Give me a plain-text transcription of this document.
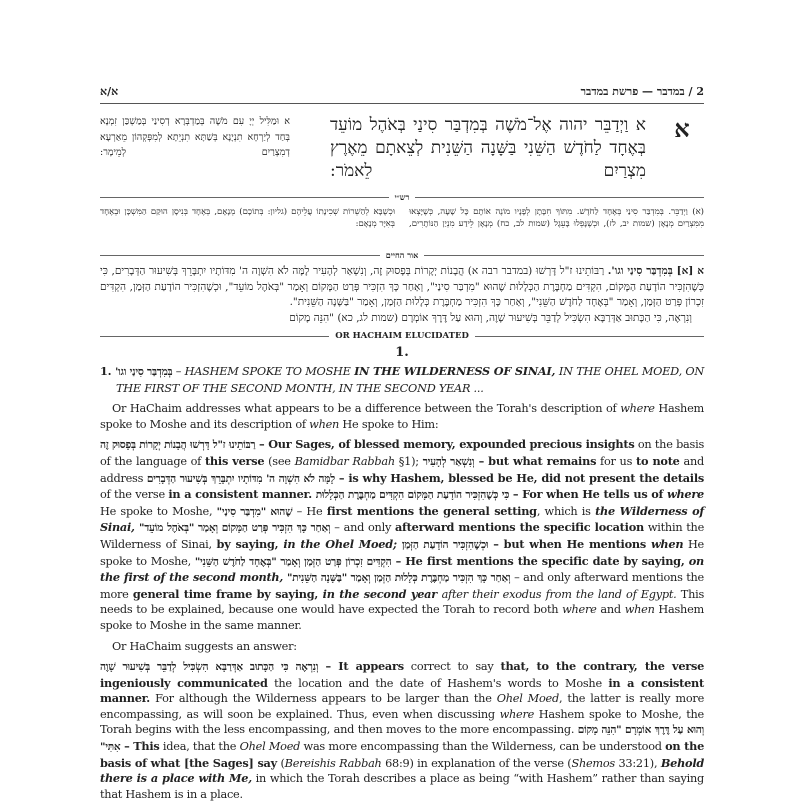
א/א	2 / במדבר — פרשת במדבר
א וּמַלִּיל יְיָ עִם מֹשֶׁה בְּמַדְבְּרָא דְסִינַי בְּמַשְׁכַּן זִמְנָא בְּחַד לְיַרְחָא תִנְיָנָא בְּשַׁתָּא תִנְיֵתָא לְמִפְּקְהוֹן מֵאַרְעָא דְמִצְרַיִם לְמֵימָר:
א
א וַיְדַבֵּר יהוה אֶל־מֹשֶׁה בְּמִדְבַּר סִינַי בְּאֹהֶל מוֹעֵד בְּאֶחָד לַחֹדֶשׁ הַשֵּׁנִי בַּשָּׁנָה הַשֵּׁנִית לְצֵאתָם מֵאֶרֶץ מִצְרַיִם לֵאמֹר:
רש״י
(א) וַיְדַבֵּר. בְּמִדְבַּר סִינַי בְּאֶחָד לַחֹדֶשׁ. מִתּוֹךְ חִבָּתָן לְפָנָיו מוֹנֶה אוֹתָם כָּל שָׁעָה, כְּשֶׁיָּצְאוּ מִמִּצְרַיִם מְנָאָן (שמות יב, לז), וּכְשֶׁנָּפְלוּ בָּעֵגֶל (שמות לב, כח) מְנָאָן לֵידַע מִנְיַן הַנּוֹתָרִים, וּכְשֶׁבָּא לְהַשְׁרוֹת שְׁכִינָתוֹ עֲלֵיהֶם (גליון: בְּתוֹכָם) מְנָאָם, בְּאֶחָד בְּנִיסָן הוּקַם הַמִּשְׁכָּן וּבְאֶחָד בְּאִיָּר מְנָאָם:
אור החיים

א [א] בְּמִדְבַּר סִינַי וגו'. רַבּוֹתֵינוּ ז"ל דָּרְשׁוּ (במדבר רבה א) הֲבָנוֹת יְקָרוֹת בְּפָסוּק זֶה, וְנִשְׁאַר לְהָעִיר לָמָּה לֹא הִשְׁוָה ה' מִדּוֹתָיו יִתְבָּרֵךְ בְּשִׁיעוּר הַדְּבָרִים, כִּי כְּשֶׁהִזְכִּיר הוֹדָעַת הַמָּקוֹם, הִקְדִּים מַחְבֶּרֶת הַכְּלָלוּת שֶׁהוּא "מִדְבַּר סִינַי", וְאַחַר כָּךְ הִזְכִּיר פְּרַט הַמָּקוֹם וְאָמַר "בְּאֹהֶל מוֹעֵד", וּכְשֶׁהִזְכִּיר הוֹדָעַת הַזְּמַן, הִקְדִּים זִכְרוֹן פְּרַט הַזְּמַן, וְאָמַר "בְּאֶחָד לַחֹדֶשׁ הַשֵּׁנִי", וְאַחַר כָּךְ הִזְכִּיר מַחְבֶּרֶת כְּלָלוּת הַזְּמַן, וְאָמַר "בַּשָּׁנָה הַשֵּׁנִית".

וְנִרְאֶה, כִּי הַכָּתוּב אַדְּרַבָּא הִשְׂכִּיל לְדַבֵּר בְּשִׁיעוּר שָׁוֶה, וְהוּא עַל דֶּרֶךְ אוֹמְרָם (שמות לג, כא) "הִנֵּה מָקוֹם

OR HACHAIM ELUCIDATED
1.

1. בְּמִדְבַּר סִינַי וגו' – HASHEM SPOKE TO MOSHE IN THE WILDERNESS OF SINAI, IN THE OHEL MOED, ON THE FIRST OF THE SECOND MONTH, IN THE SECOND YEAR ...

Or HaChaim addresses what appears to be a difference between the Torah's description of where Hashem spoke to Moshe and its description of when He spoke to Him:

רַבּוֹתֵינוּ ז"ל דָּרְשׁוּ הֲבָנוֹת יְקָרוֹת בְּפָסוּק זֶה – Our Sages, of blessed memory, expounded precious insights on the basis of the language of this verse (see Bamidbar Rabbah §1); וְנִשְׁאַר לְהָעִיר – but what remains for us to note and address לָמָּה לֹא הִשְׁוָה ה' מִדּוֹתָיו יִתְבָּרֵךְ בְּשִׁיעוּר הַדְּבָרִים – is why Hashem, blessed be He, did not present the details of the verse in a consistent manner. כִּי כְּשֶׁהִזְכִּיר הוֹדָעַת הַמָּקוֹם הִקְדִּים מַחְבֶּרֶת הַכְּלָלוּת – For when He tells us of where He spoke to Moshe, שֶׁהוּא "מִדְבַּר סִינַי" – He first mentions the general setting, which is the Wilderness of Sinai, וְאַחַר כָּךְ הִזְכִּיר פְּרַט הַמָּקוֹם וְאָמַר "בְּאֹהֶל מוֹעֵד" – and only afterward mentions the specific location within the Wilderness of Sinai, by saying, in the Ohel Moed; וּכְשֶׁהִזְכִּיר הוֹדָעַת הַזְּמַן – but when He mentions when He spoke to Moshe, הִקְדִּים זִכְרוֹן פְּרַט הַזְּמַן וְאָמַר "בְּאֶחָד לַחֹדֶשׁ הַשֵּׁנִי" – He first mentions the specific date by saying, on the first of the second month, וְאַחַר כָּךְ הִזְכִּיר מַחְבֶּרֶת כְּלָלוּת הַזְּמַן וְאָמַר "בַּשָּׁנָה הַשֵּׁנִית" – and only afterward mentions the more general time frame by saying, in the second year after their exodus from the land of Egypt. This needs to be explained, because one would have expected the Torah to record both where and when Hashem spoke to Moshe in the same manner.

Or HaChaim suggests an answer:

וְנִרְאֶה כִּי הַכָּתוּב אַדְּרַבָּא הִשְׂכִּיל לְדַבֵּר בְּשִׁיעוּר שָׁוֶה – It appears correct to say that, to the contrary, the verse ingeniously communicated the location and the date of Hashem's words to Moshe in a consistent manner. For although the Wilderness appears to be larger than the Ohel Moed, the latter is really more encompassing, as will soon be explained. Thus, even when discussing where Hashem spoke to Moshe, the Torah begins with the less encompassing, and then moves to the more encompassing. וְהוּא עַל דֶּרֶךְ אוֹמְרָם "הִנֵּה מָקוֹם אִתִּי" – This idea, that the Ohel Moed was more encompassing than the Wilderness, can be understood on the basis of what [the Sages] say (Bereishis Rabbah 68:9) in explanation of the verse (Shemos 33:21), Behold there is a place with Me, in which the Torah describes a place as being “with Hashem” rather than saying that Hashem is in a place.
